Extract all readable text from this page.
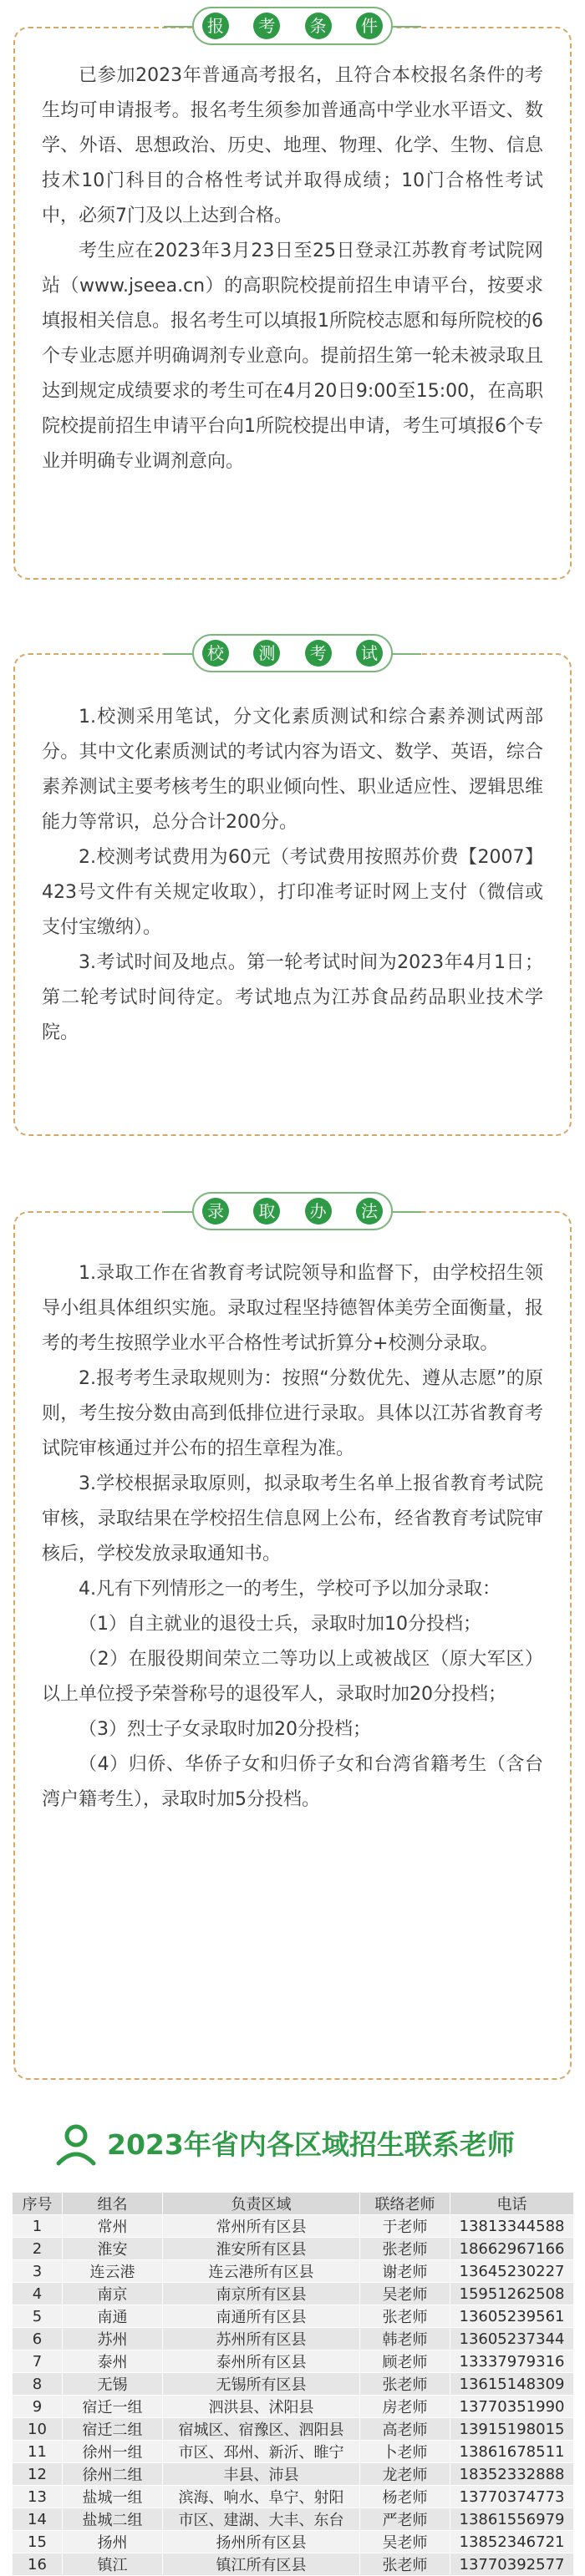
报	考	条	件

已参加2023年普通高考报名，且符合本校报名条件的考生均可申请报考。报名考生须参加普通高中学业水平语文、数学、外语、思想政治、历史、地理、物理、化学、生物、信息技术10门科目的合格性考试并取得成绩；10门合格性考试中，必须7门及以上达到合格。

考生应在2023年3月23日至25日登录江苏教育考试院网站（www.jseea.cn）的高职院校提前招生申请平台，按要求填报相关信息。报名考生可以填报1所院校志愿和每所院校的6个专业志愿并明确调剂专业意向。提前招生第一轮未被录取且达到规定成绩要求的考生可在4月20日9:00至15:00，在高职院校提前招生申请平台向1所院校提出申请，考生可填报6个专业并明确专业调剂意向。

校	测	考	试

1.校测采用笔试，分文化素质测试和综合素养测试两部分。其中文化素质测试的考试内容为语文、数学、英语，综合素养测试主要考核考生的职业倾向性、职业适应性、逻辑思维能力等常识，总分合计200分。

2.校测考试费用为60元（考试费用按照苏价费【2007】423号文件有关规定收取），打印准考证时网上支付（微信或支付宝缴纳）。

3.考试时间及地点。第一轮考试时间为2023年4月1日；第二轮考试时间待定。考试地点为江苏食品药品职业技术学院。

录	取	办	法

1.录取工作在省教育考试院领导和监督下，由学校招生领导小组具体组织实施。录取过程坚持德智体美劳全面衡量，报考的考生按照学业水平合格性考试折算分+校测分录取。

2.报考考生录取规则为：按照“分数优先、遵从志愿”的原则，考生按分数由高到低排位进行录取。具体以江苏省教育考试院审核通过并公布的招生章程为准。

3.学校根据录取原则，拟录取考生名单上报省教育考试院审核，录取结果在学校招生信息网上公布，经省教育考试院审核后，学校发放录取通知书。

4.凡有下列情形之一的考生，学校可予以加分录取：

（1）自主就业的退役士兵，录取时加10分投档；

（2）在服役期间荣立二等功以上或被战区（原大军区）以上单位授予荣誉称号的退役军人，录取时加20分投档；

（3）烈士子女录取时加20分投档；

（4）归侨、华侨子女和归侨子女和台湾省籍考生（含台湾户籍考生），录取时加5分投档。

2023年省内各区域招生联系老师
序号	组名	负责区域	联络老师	电话
1	常州	常州所有区县	于老师	13813344588
2	淮安	淮安所有区县	张老师	18662967166
3	连云港	连云港所有区县	谢老师	13645230227
4	南京	南京所有区县	吴老师	15951262508
5	南通	南通所有区县	张老师	13605239561
6	苏州	苏州所有区县	韩老师	13605237344
7	泰州	泰州所有区县	顾老师	13337979316
8	无锡	无锡所有区县	张老师	13615148309
9	宿迁一组	泗洪县、沭阳县	房老师	13770351990
10	宿迁二组	宿城区、宿豫区、泗阳县	高老师	13915198015
11	徐州一组	市区、邳州、新沂、睢宁	卜老师	13861678511
12	徐州二组	丰县、沛县	龙老师	18352332888
13	盐城一组	滨海、响水、阜宁、射阳	杨老师	13770374773
14	盐城二组	市区、建湖、大丰、东台	严老师	13861556979
15	扬州	扬州所有区县	吴老师	13852346721
16	镇江	镇江所有区县	张老师	13770392577
